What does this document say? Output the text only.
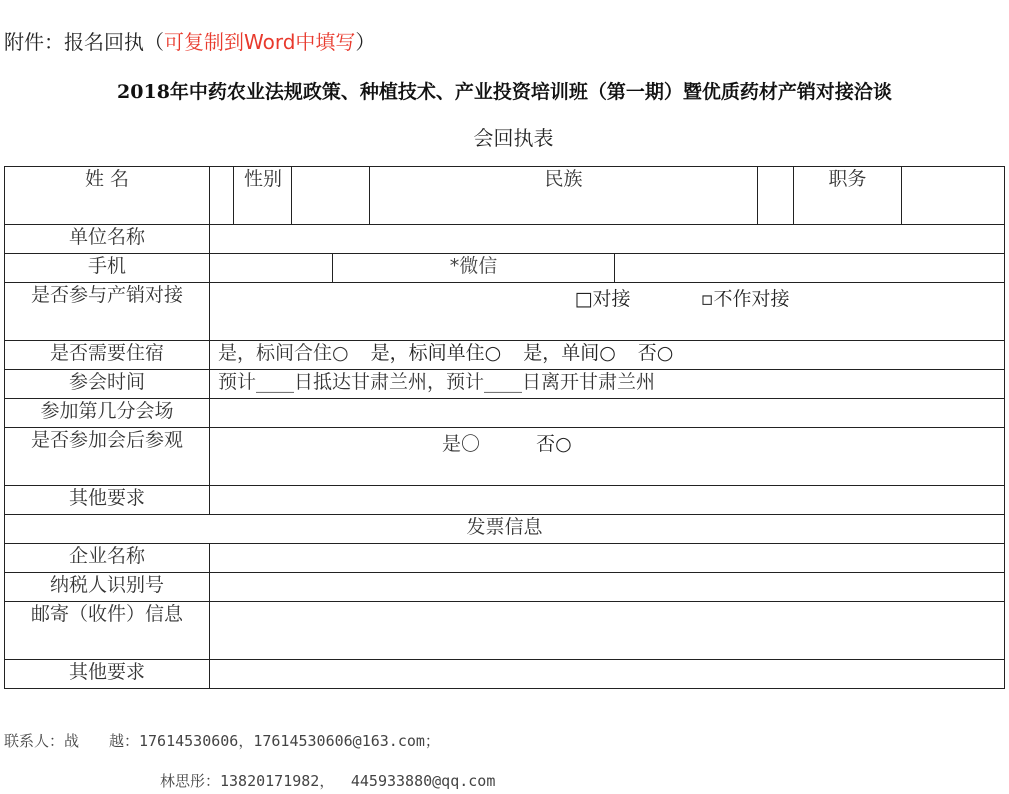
附件：报名回执（可复制到Word中填写）
2018年中药农业法规政策、种植技术、产业投资培训班（第一期）暨优质药材产销对接洽谈
会回执表
姓 名		性别			民族			职务	
单位名称									
手机				*微信					
是否参与产销对接	□对接 ▫不作对接								
是否需要住宿	是，标间合住○ 是，标间单住○ 是，单间○ 否○								
参会时间	预计____日抵达甘肃兰州，预计____日离开甘肃兰州								
参加第几分会场									
是否参加会后参观	是〇 否○								
其他要求									
发票信息									
企业名称									
纳税人识别号									
邮寄（收件）信息									
其他要求									
联系人：战　　越：17614530606，17614530606@163.com；
林思彤：13820171982，　 445933880@qq.com
